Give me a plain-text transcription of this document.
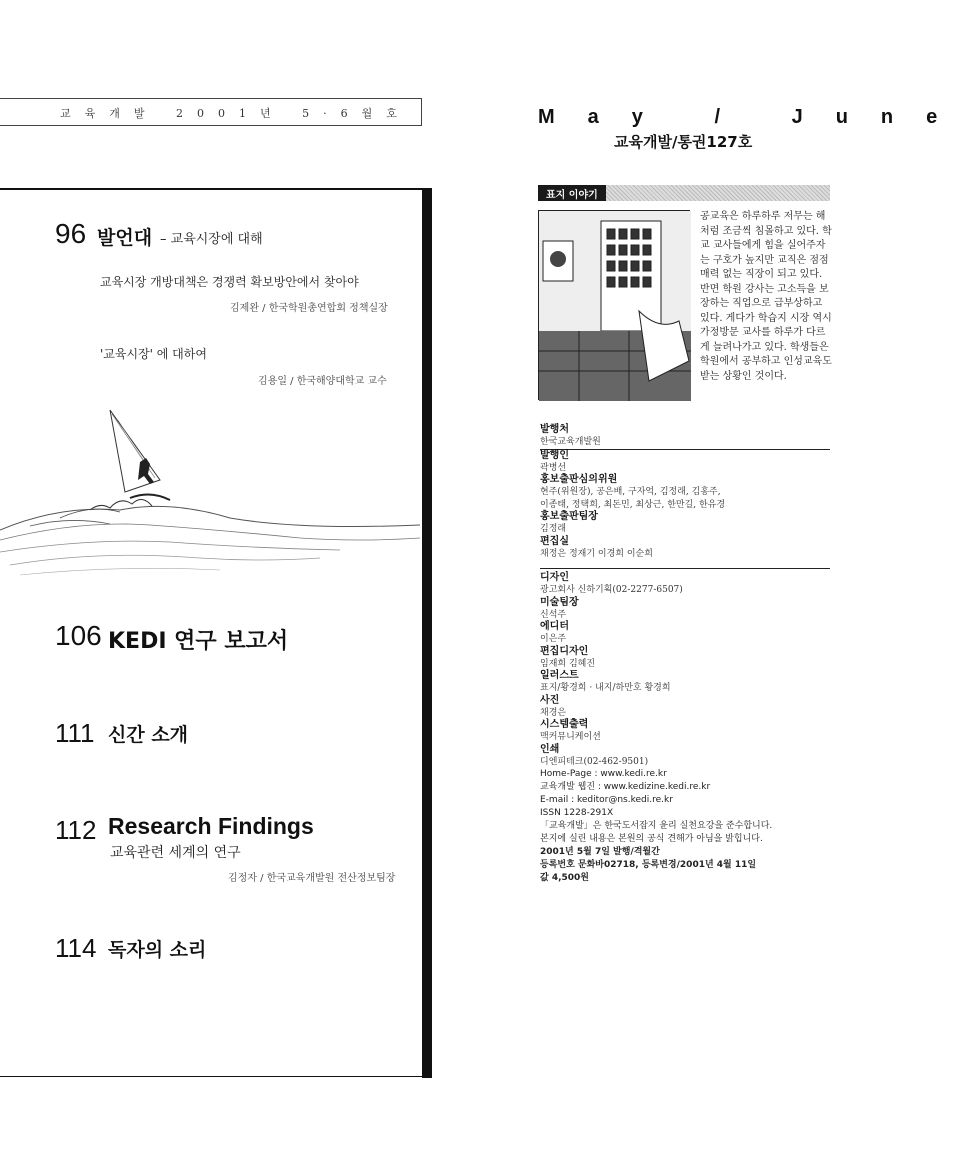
교육개발 2001년 5·6월호
96 발언대 – 교육시장에 대해
교육시장 개방대책은 경쟁력 확보방안에서 찾아야
김제완 / 한국학원총연합회 정책실장
'교육시장' 에 대하여
김용일 / 한국해양대학교 교수
106 KEDI 연구 보고서
111 신간 소개
112 Research Findings
교육관련 세계의 연구
김정자 / 한국교육개발원 전산정보팀장
114 독자의 소리
May / June
교육개발/통권127호
표지 이야기
공교육은 하루하루 저무는 해처럼 조금씩 침몰하고 있다. 학교 교사들에게 힘을 실어주자는 구호가 높지만 교직은 점점 매력 없는 직장이 되고 있다. 반면 학원 강사는 고소득을 보장하는 직업으로 급부상하고 있다. 게다가 학습지 시장 역시 가정방문 교사를 하루가 다르게 늘려나가고 있다. 학생들은 학원에서 공부하고 인성교육도 받는 상황인 것이다.
발행처
한국교육개발원
발행인
곽병선
홍보출판심의위원
현주(위원장), 공은배, 구자억, 김정래, 김홍주,
이종태, 정택희, 최돈민, 최상근, 한만길, 한유경
홍보출판팀장
김정래
편집실
채정은 정재기 이경희 이순희
디자인
광고회사 신하기획(02-2277-6507)
미술팀장
신석주
에디터
이은주
편집디자인
임재희 김혜진
일러스트
표지/황경희 · 내지/하만호 황경희
사진
채경은
시스템출력
맥커뮤니케이션
인쇄
디엔피테크(02-462-9501)
Home-Page : www.kedi.re.kr
교육개발 웹진 : www.kedizine.kedi.re.kr
E-mail : keditor@ns.kedi.re.kr
ISSN 1228-291X
「교육개발」은 한국도서잡지 윤리 실천요강을 준수합니다.
본지에 실린 내용은 본원의 공식 견해가 아님을 밝힙니다.
2001년 5월 7일 발행/격월간
등록번호 문화바02718, 등록변경/2001년 4월 11일
값 4,500원
